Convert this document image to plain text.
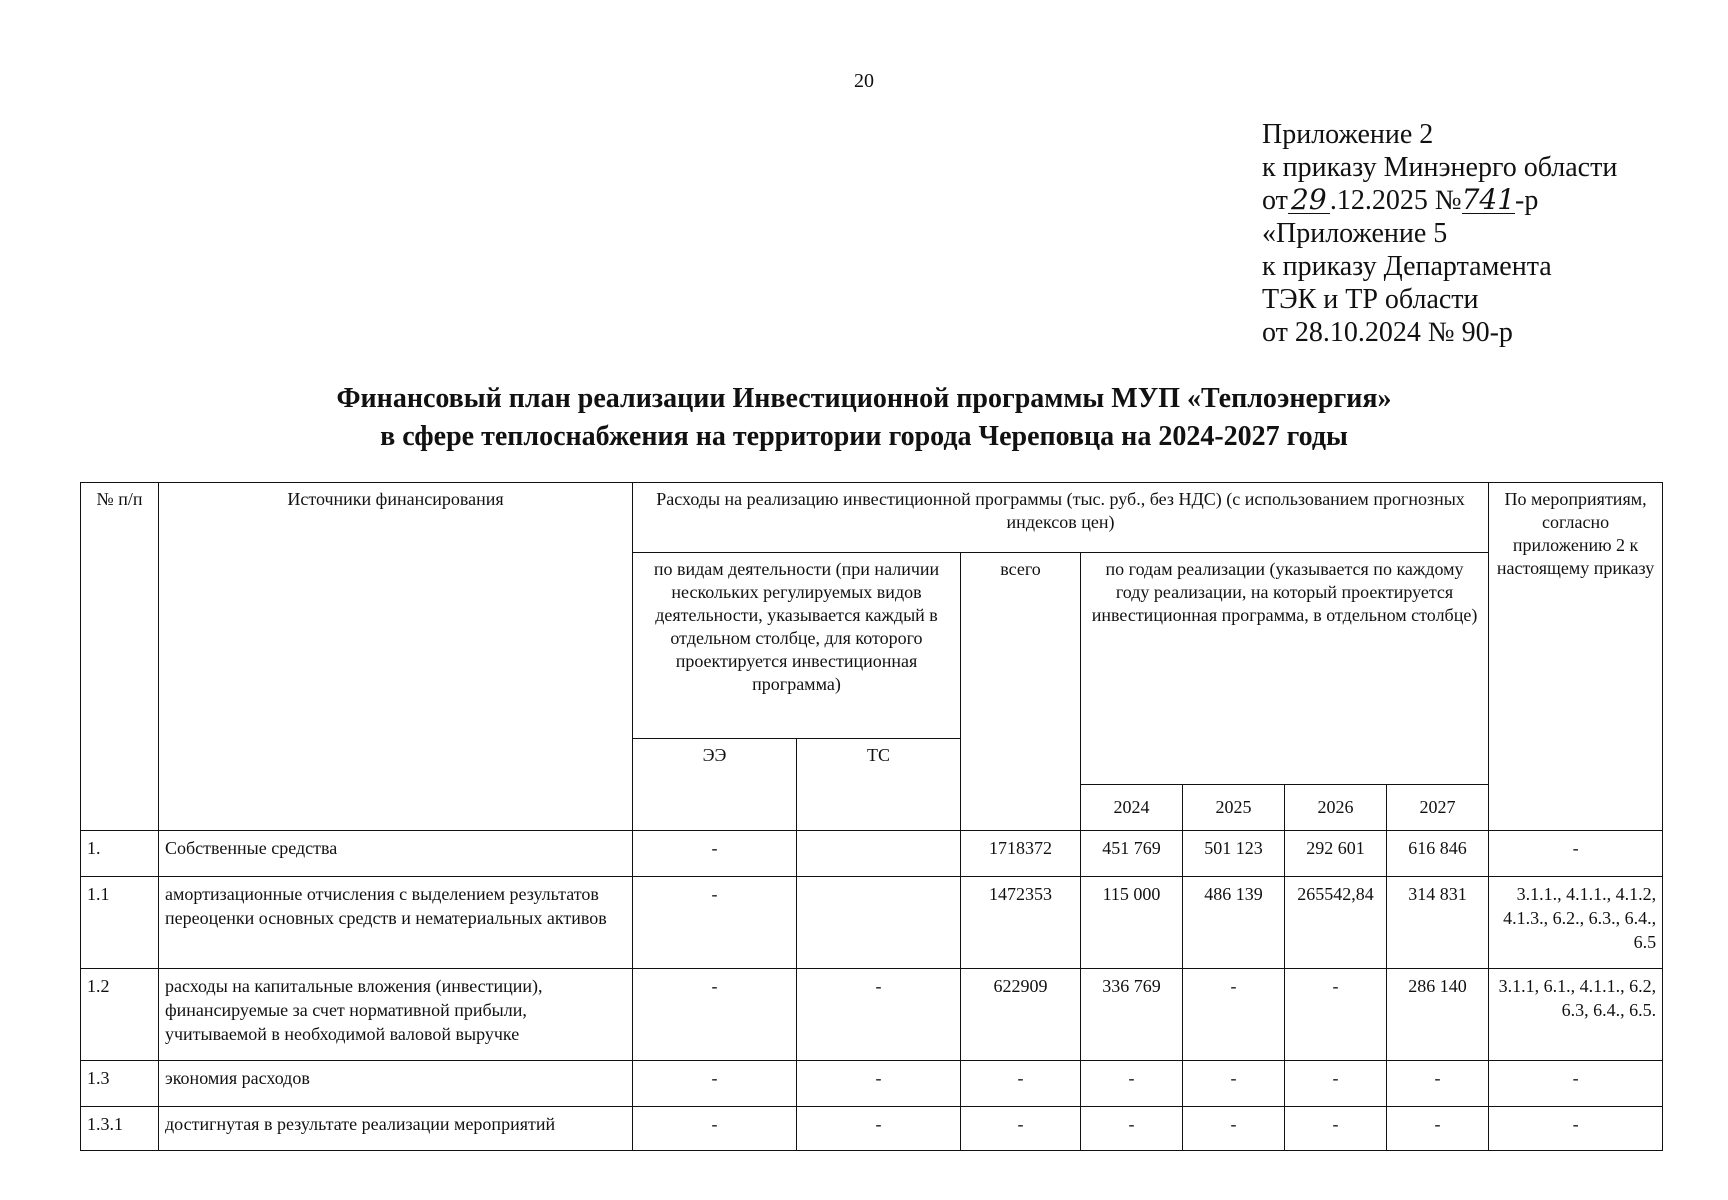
20
Приложение 2
к приказу Минэнерго области
от 29 .12.2025 №741-р
«Приложение 5
к приказу Департамента
ТЭК и ТР области
от 28.10.2024 № 90-р
Финансовый план реализации Инвестиционной программы МУП «Теплоэнергия»
в сфере теплоснабжения на территории города Череповца на 2024-2027 годы
№ п/п	Источники финансирования	Расходы на реализацию инвестиционной программы (тыс. руб., без НДС) (с использованием прогнозных индексов цен)							По мероприятиям, согласно приложению 2 к настоящему приказу
		по видам деятельности (при наличии нескольких регулируемых видов деятельности, указывается каждый в отдельном столбце, для которого проектируется инвестиционная программа)		всего	по годам реализации (указывается по каждому году реализации, на который проектируется инвестиционная программа, в отдельном столбце)				
		ЭЭ	ТС						
					2024	2025	2026	2027	
1.	Собственные средства	-		1718372	451 769	501 123	292 601	616 846	-
1.1	амортизационные отчисления с выделением результатов переоценки основных средств и нематериальных активов	-		1472353	115 000	486 139	265542,84	314 831	3.1.1., 4.1.1., 4.1.2, 4.1.3., 6.2., 6.3., 6.4., 6.5
1.2	расходы на капитальные вложения (инвестиции), финансируемые за счет нормативной прибыли, учитываемой в необходимой валовой выручке	-	-	622909	336 769	-	-	286 140	3.1.1, 6.1., 4.1.1., 6.2, 6.3, 6.4., 6.5.
1.3	экономия расходов	-	-	-	-	-	-	-	-
1.3.1	достигнутая в результате реализации мероприятий	-	-	-	-	-	-	-	-
